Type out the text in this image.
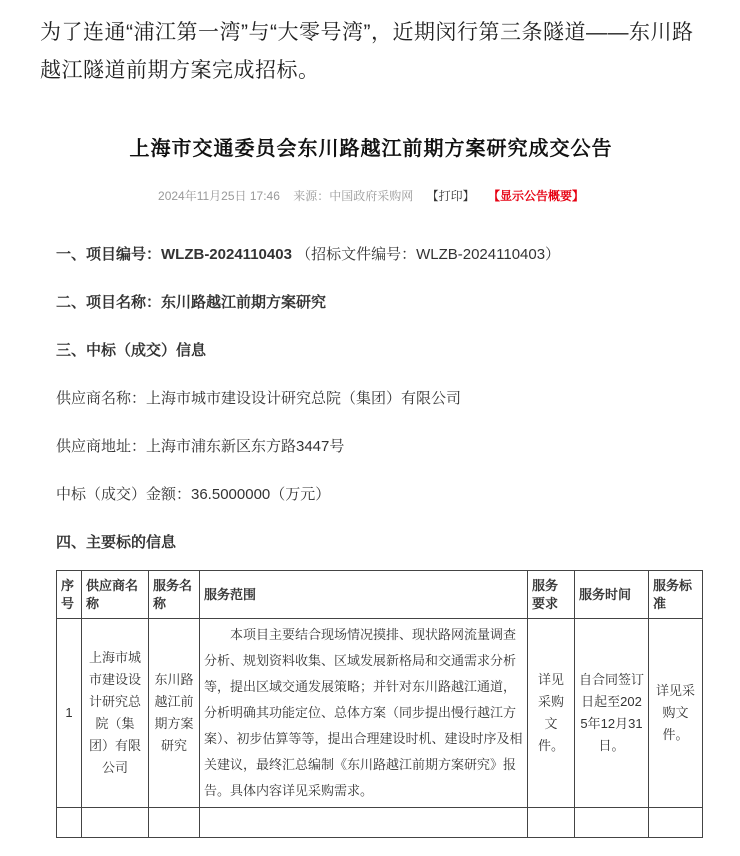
为了连通“浦江第一湾”与“大零号湾”，近期闵行第三条隧道——东川路越江隧道前期方案完成招标。

上海市交通委员会东川路越江前期方案研究成交公告
2024年11月25日 17:46 来源：中国政府采购网 【打印】 【显示公告概要】

一、项目编号：WLZB-2024110403 （招标文件编号：WLZB-2024110403）

二、项目名称：东川路越江前期方案研究

三、中标（成交）信息

供应商名称：上海市城市建设设计研究总院（集团）有限公司

供应商地址：上海市浦东新区东方路3447号

中标（成交）金额：36.5000000（万元）

四、主要标的信息

序号	供应商名称	服务名称	服务范围	服务要求	服务时间	服务标准
1	上海市城市建设设计研究总院（集团）有限公司	东川路越江前期方案研究	本项目主要结合现场情况摸排、现状路网流量调查分析、规划资料收集、区域发展新格局和交通需求分析等，提出区域交通发展策略；并针对东川路越江通道，分析明确其功能定位、总体方案（同步提出慢行越江方案）、初步估算等等，提出合理建设时机、建设时序及相关建议，最终汇总编制《东川路越江前期方案研究》报告。具体内容详见采购需求。	详见采购文件。	自合同签订日起至2025年12月31日。	详见采购文件。
